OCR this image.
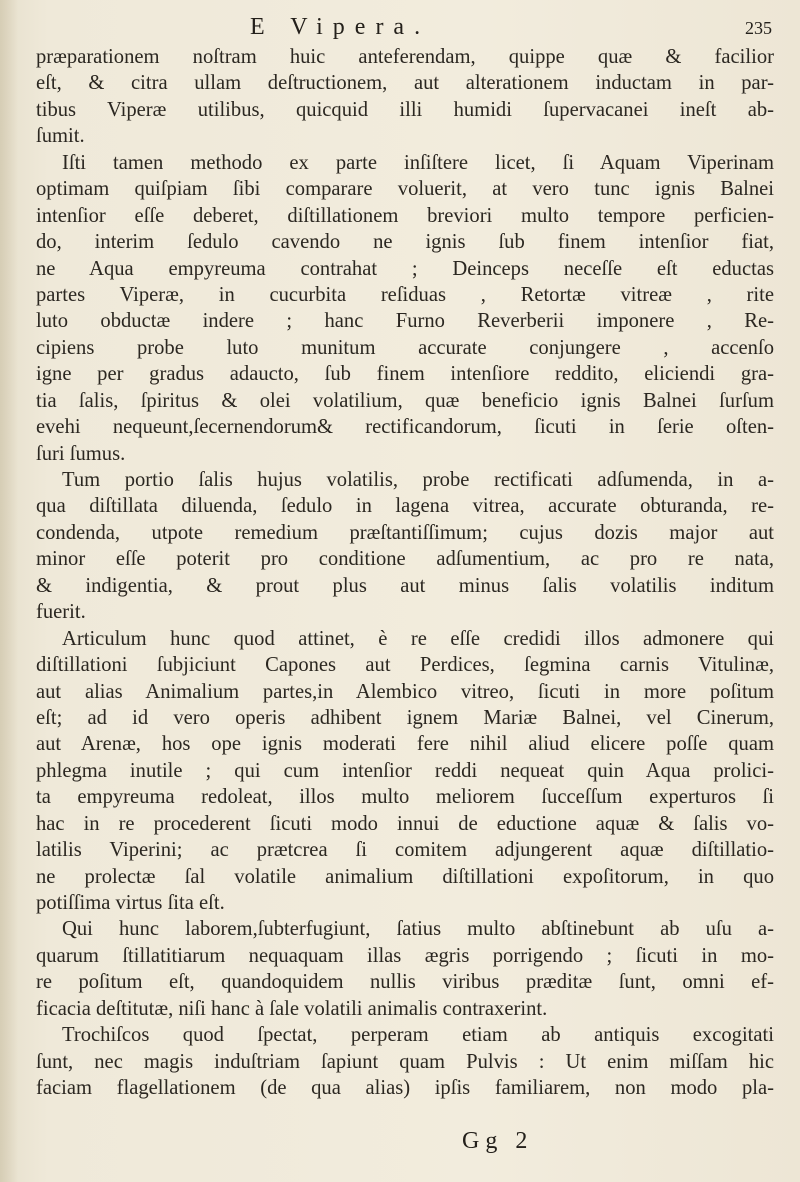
E Vipera.	235
præparationem noſtram huic anteferendam, quippe quæ & facilior
eſt, & citra ullam deſtructionem, aut alterationem inductam in par-
tibus Viperæ utilibus, quicquid illi humidi ſupervacanei ineſt ab-
ſumit.
Iſti tamen methodo ex parte inſiſtere licet, ſi Aquam Viperinam
optimam quiſpiam ſibi comparare voluerit, at vero tunc ignis Balnei
intenſior eſſe deberet, diſtillationem breviori multo tempore perficien-
do, interim ſedulo cavendo ne ignis ſub finem intenſior fiat,
ne Aqua empyreuma contrahat ; Deinceps neceſſe eſt eductas
partes Viperæ, in cucurbita reſiduas , Retortæ vitreæ , rite
luto obductæ indere ; hanc Furno Reverberii imponere , Re-
cipiens probe luto munitum accurate conjungere , accenſo
igne per gradus adaucto, ſub finem intenſiore reddito, eliciendi gra-
tia ſalis, ſpiritus & olei volatilium, quæ beneficio ignis Balnei ſurſum
evehi nequeunt,ſecernendorum& rectificandorum, ſicuti in ſerie oſten-
ſuri ſumus.
Tum portio ſalis hujus volatilis, probe rectificati adſumenda, in a-
qua diſtillata diluenda, ſedulo in lagena vitrea, accurate obturanda, re-
condenda, utpote remedium præſtantiſſimum; cujus dozis major aut
minor eſſe poterit pro conditione adſumentium, ac pro re nata,
& indigentia, & prout plus aut minus ſalis volatilis inditum
fuerit.
Articulum hunc quod attinet, è re eſſe credidi illos admonere qui
diſtillationi ſubjiciunt Capones aut Perdices, ſegmina carnis Vitulinæ,
aut alias Animalium partes,in Alembico vitreo, ſicuti in more poſitum
eſt; ad id vero operis adhibent ignem Mariæ Balnei, vel Cinerum,
aut Arenæ, hos ope ignis moderati fere nihil aliud elicere poſſe quam
phlegma inutile ; qui cum intenſior reddi nequeat quin Aqua prolici-
ta empyreuma redoleat, illos multo meliorem ſucceſſum experturos ſi
hac in re procederent ſicuti modo innui de eductione aquæ & ſalis vo-
latilis Viperini; ac prætcrea ſi comitem adjungerent aquæ diſtillatio-
ne prolectæ ſal volatile animalium diſtillationi expoſitorum, in quo
potiſſima virtus ſita eſt.
Qui hunc laborem,ſubterfugiunt, ſatius multo abſtinebunt ab uſu a-
quarum ſtillatitiarum nequaquam illas ægris porrigendo ; ſicuti in mo-
re poſitum eſt, quandoquidem nullis viribus præditæ ſunt, omni ef-
ficacia deſtitutæ, niſi hanc à ſale volatili animalis contraxerint.
Trochiſcos quod ſpectat, perperam etiam ab antiquis excogitati
ſunt, nec magis induſtriam ſapiunt quam Pulvis : Ut enim miſſam hic
faciam flagellationem (de qua alias) ipſis familiarem, non modo pla-
Gg 2
